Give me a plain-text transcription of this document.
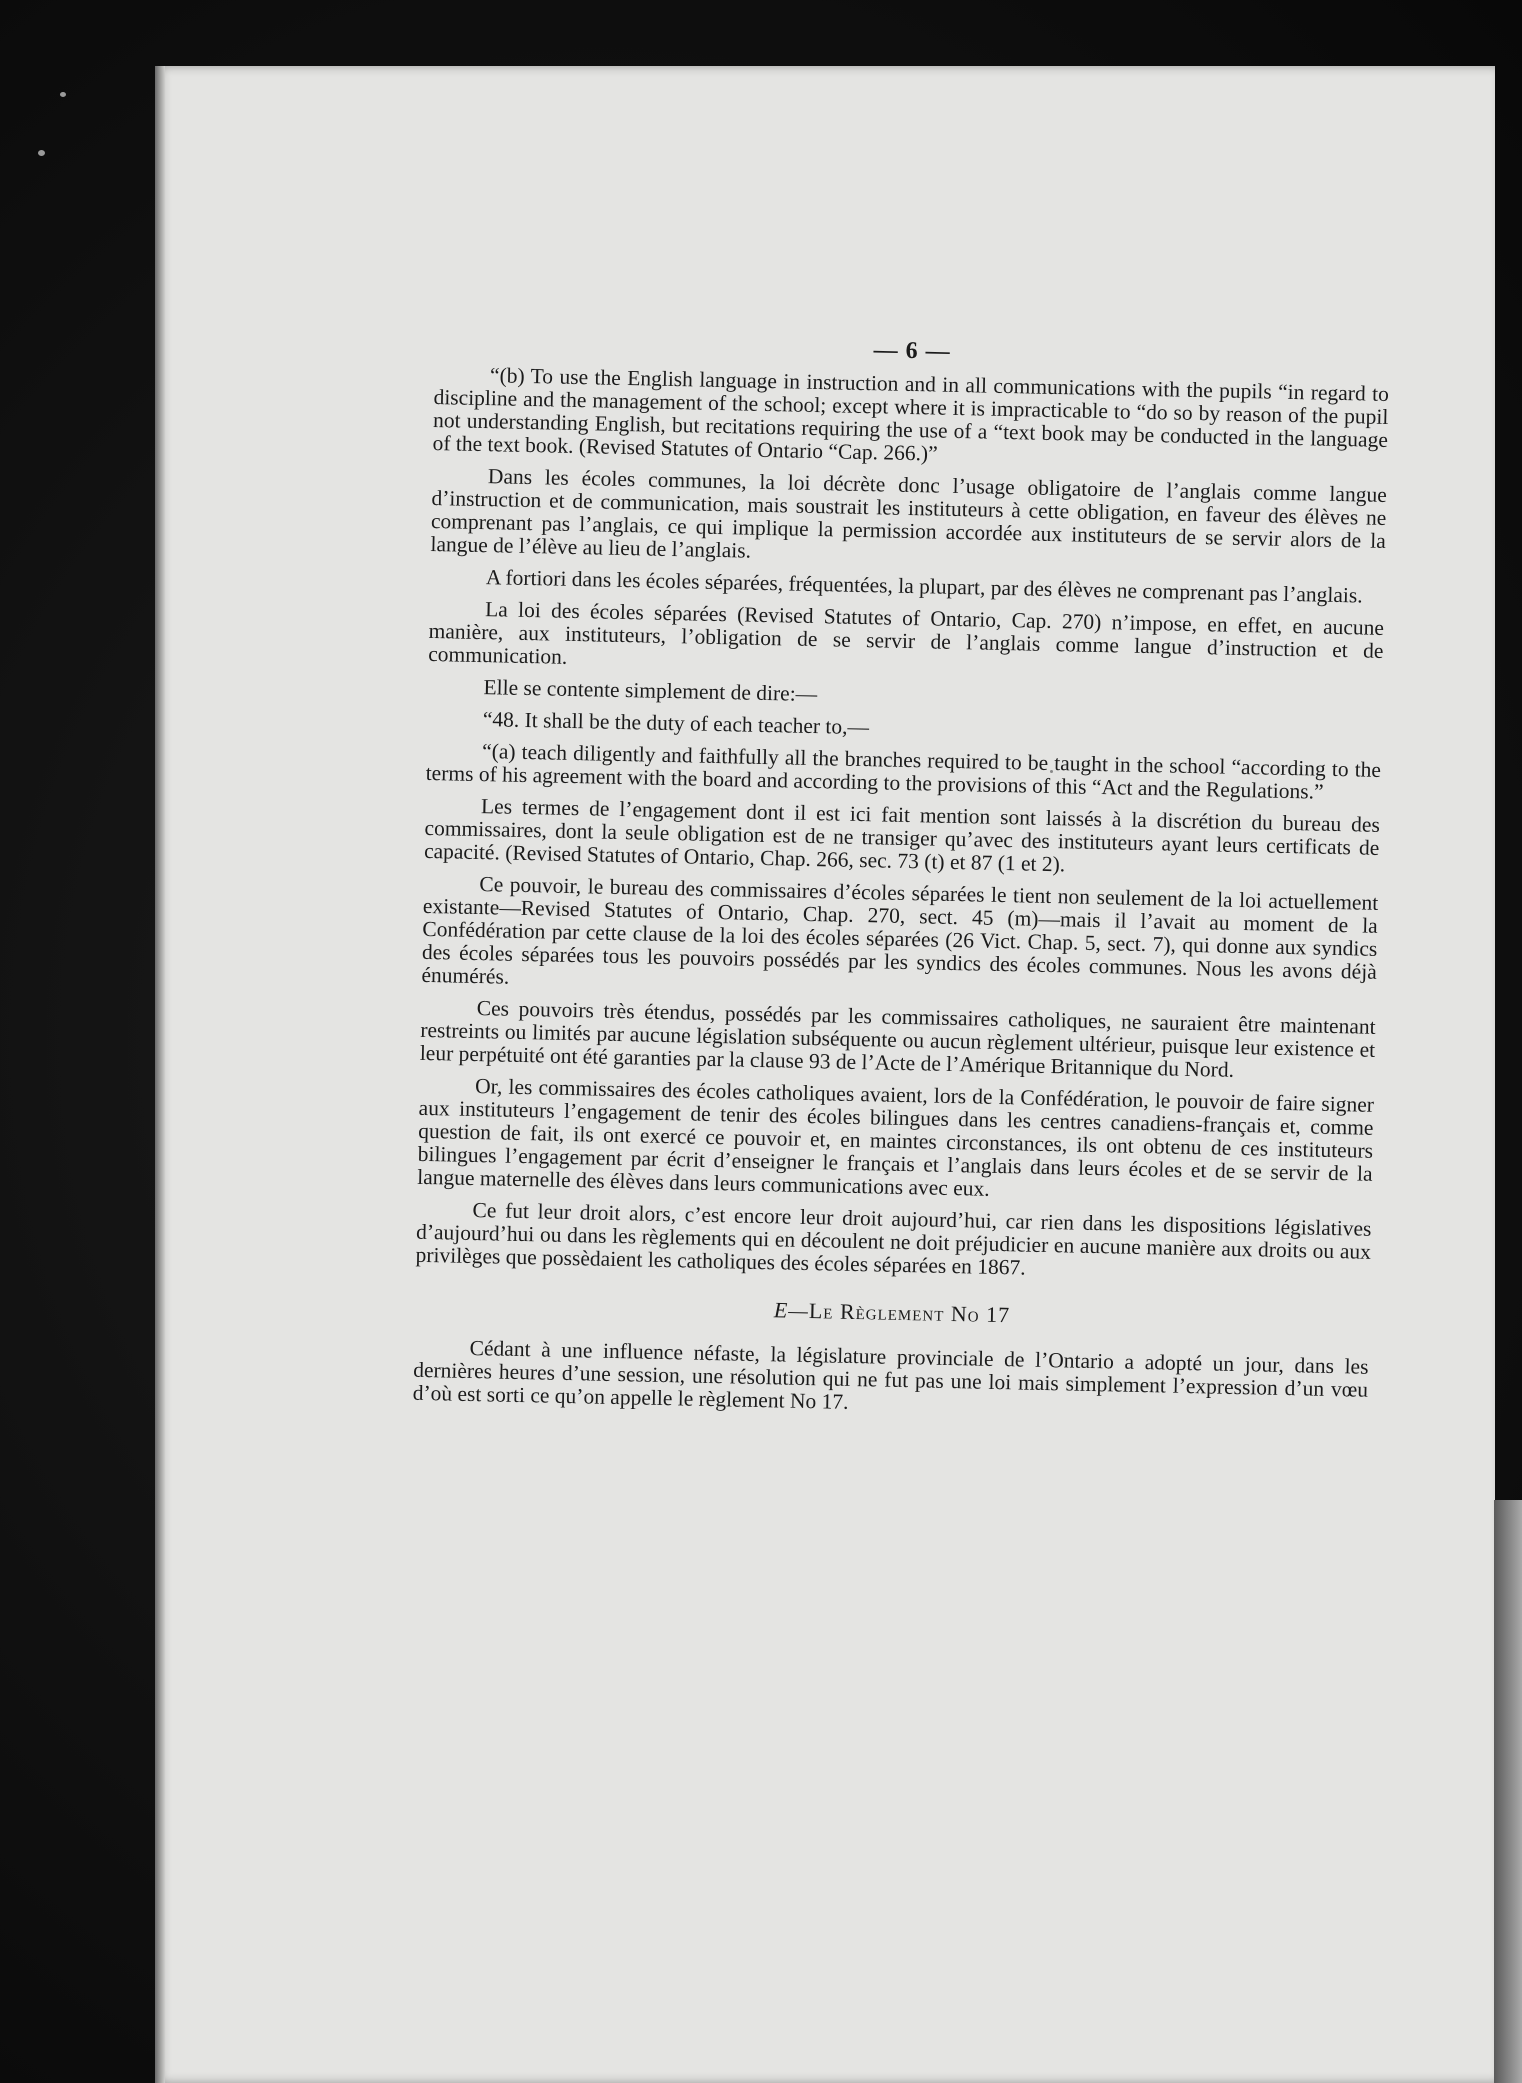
— 6 —

“(b) To use the English language in instruction and in all communications with the pupils “in regard to discipline and the management of the school; except where it is impracticable to “do so by reason of the pupil not understanding English, but recitations requiring the use of a “text book may be conducted in the language of the text book. (Revised Statutes of Ontario “Cap. 266.)”

Dans les écoles communes, la loi décrète donc l’usage obligatoire de l’anglais comme langue d’instruction et de communication, mais soustrait les instituteurs à cette obligation, en faveur des élèves ne comprenant pas l’anglais, ce qui implique la permission accordée aux instituteurs de se servir alors de la langue de l’élève au lieu de l’anglais.

A fortiori dans les écoles séparées, fréquentées, la plupart, par des élèves ne comprenant pas l’anglais.

La loi des écoles séparées (Revised Statutes of Ontario, Cap. 270) n’impose, en effet, en aucune manière, aux instituteurs, l’obligation de se servir de l’anglais comme langue d’instruction et de communication.

Elle se contente simplement de dire:—

“48. It shall be the duty of each teacher to,—

“(a) teach diligently and faithfully all the branches required to be taught in the school “according to the terms of his agreement with the board and according to the provisions of this “Act and the Regulations.”

Les termes de l’engagement dont il est ici fait mention sont laissés à la discrétion du bureau des commissaires, dont la seule obligation est de ne transiger qu’avec des instituteurs ayant leurs certificats de capacité. (Revised Statutes of Ontario, Chap. 266, sec. 73 (t) et 87 (1 et 2).

Ce pouvoir, le bureau des commissaires d’écoles séparées le tient non seulement de la loi actuellement existante—Revised Statutes of Ontario, Chap. 270, sect. 45 (m)—mais il l’avait au moment de la Confédération par cette clause de la loi des écoles séparées (26 Vict. Chap. 5, sect. 7), qui donne aux syndics des écoles séparées tous les pouvoirs possédés par les syndics des écoles communes. Nous les avons déjà énumérés.

Ces pouvoirs très étendus, possédés par les commissaires catholiques, ne sauraient être maintenant restreints ou limités par aucune législation subséquente ou aucun règlement ultérieur, puisque leur existence et leur perpétuité ont été garanties par la clause 93 de l’Acte de l’Amérique Britannique du Nord.

Or, les commissaires des écoles catholiques avaient, lors de la Confédération, le pouvoir de faire signer aux instituteurs l’engagement de tenir des écoles bilingues dans les centres canadiens-français et, comme question de fait, ils ont exercé ce pouvoir et, en maintes circonstances, ils ont obtenu de ces instituteurs bilingues l’engagement par écrit d’enseigner le français et l’anglais dans leurs écoles et de se servir de la langue maternelle des élèves dans leurs communications avec eux.

Ce fut leur droit alors, c’est encore leur droit aujourd’hui, car rien dans les dispositions législatives d’aujourd’hui ou dans les règlements qui en découlent ne doit préjudicier en aucune manière aux droits ou aux privilèges que possèdaient les catholiques des écoles séparées en 1867.

E—Le Règlement No 17

Cédant à une influence néfaste, la législature provinciale de l’Ontario a adopté un jour, dans les dernières heures d’une session, une résolution qui ne fut pas une loi mais simplement l’expression d’un vœu d’où est sorti ce qu’on appelle le règlement No 17.
